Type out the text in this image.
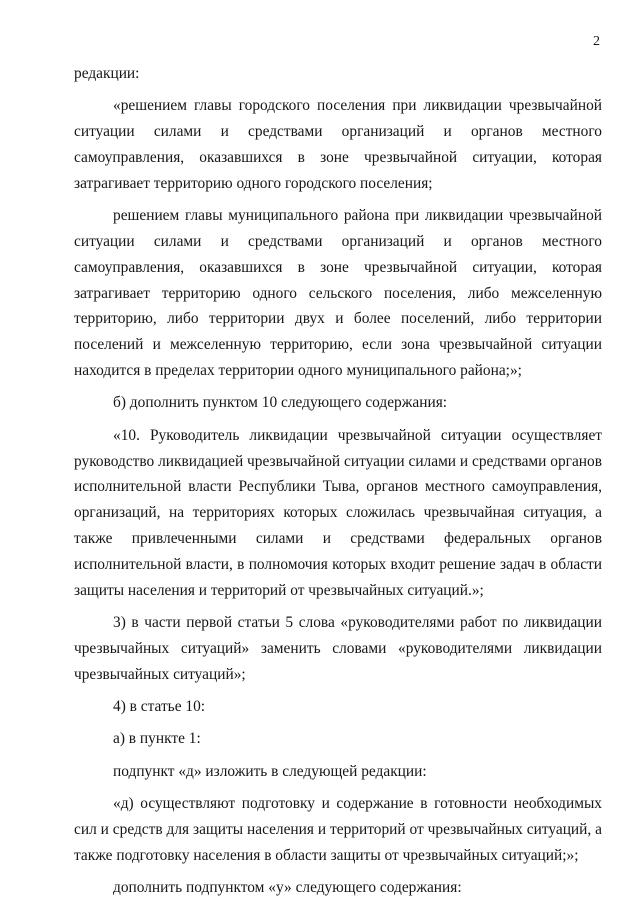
2

редакции:

«решением главы городского поселения при ликвидации чрезвычайной ситуации силами и средствами организаций и органов местного самоуправления, оказавшихся в зоне чрезвычайной ситуации, которая затрагивает территорию одного городского поселения;

решением главы муниципального района при ликвидации чрезвычайной ситуации силами и средствами организаций и органов местного самоуправления, оказавшихся в зоне чрезвычайной ситуации, которая затрагивает территорию одного сельского поселения, либо межселенную территорию, либо территории двух и более поселений, либо территории поселений и межселенную территорию, если зона чрезвычайной ситуации находится в пределах территории одного муниципального района;»;

б) дополнить пунктом 10 следующего содержания:

«10. Руководитель ликвидации чрезвычайной ситуации осуществляет руководство ликвидацией чрезвычайной ситуации силами и средствами органов исполнительной власти Республики Тыва, органов местного самоуправления, организаций, на территориях которых сложилась чрезвычайная ситуация, а также привлеченными силами и средствами федеральных органов исполнительной власти, в полномочия которых входит решение задач в области защиты населения и территорий от чрезвычайных ситуаций.»;

3) в части первой статьи 5 слова «руководителями работ по ликвидации чрезвычайных ситуаций» заменить словами «руководителями ликвидации чрезвычайных ситуаций»;

4) в статье 10:

а) в пункте 1:

подпункт «д» изложить в следующей редакции:

«д) осуществляют подготовку и содержание в готовности необходимых сил и средств для защиты населения и территорий от чрезвычайных ситуаций, а также подготовку населения в области защиты от чрезвычайных ситуаций;»;

дополнить подпунктом «у» следующего содержания:
